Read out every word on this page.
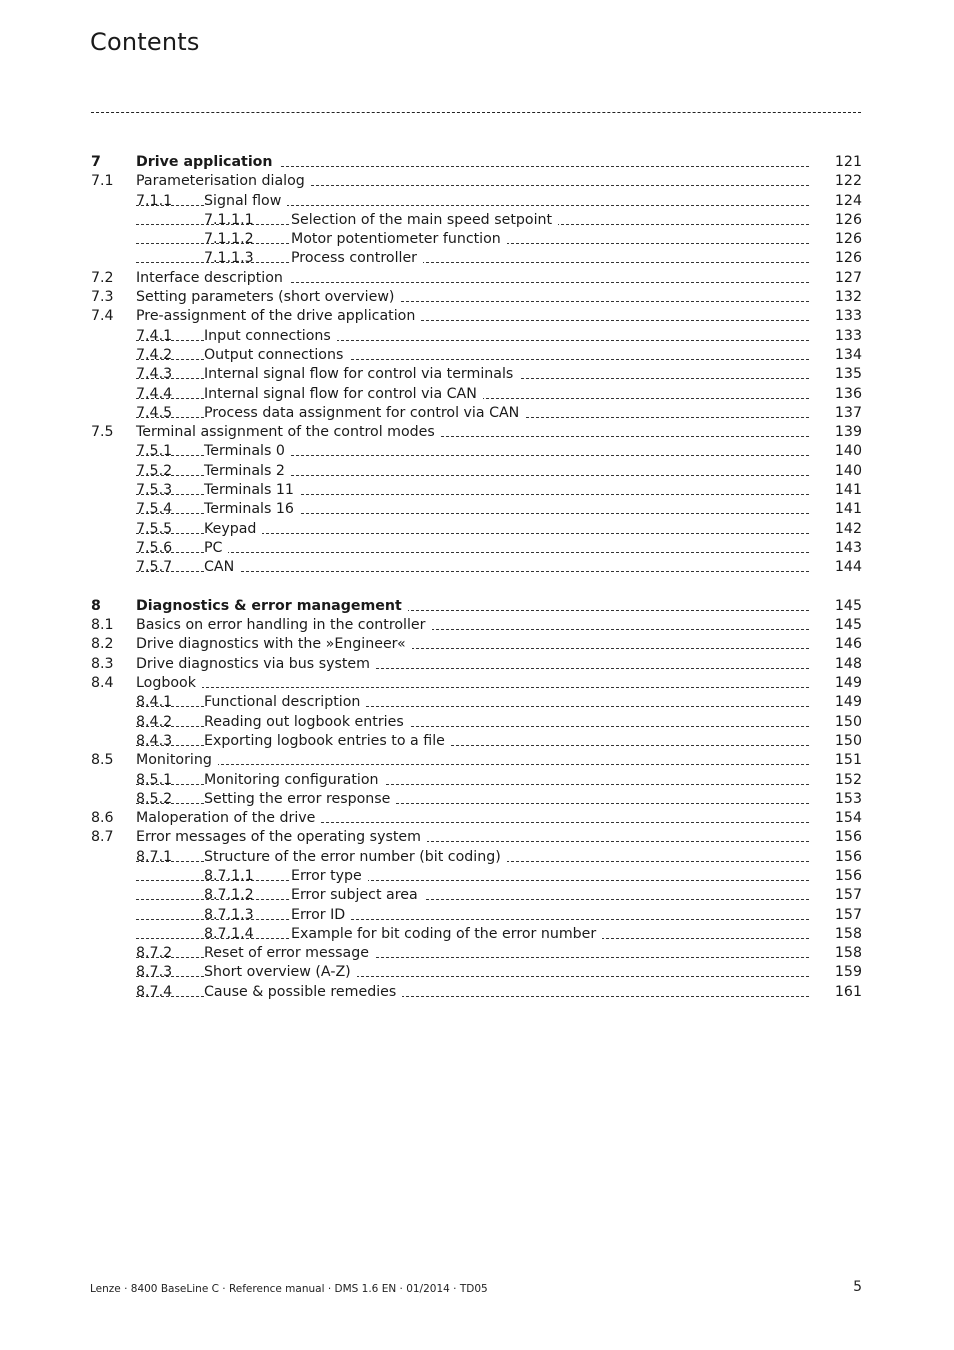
Contents
7 Drive application	121
7.1 Parameterisation dialog	122
7.1.1 Signal flow	124
7.1.1.1	Selection of the main speed setpoint	126
7.1.1.2	Motor potentiometer function	126
7.1.1.3	Process controller	126
7.2 Interface description	127
7.3 Setting parameters (short overview)	132
7.4 Pre-assignment of the drive application	133
7.4.1 Input connections	133
7.4.2 Output connections	134
7.4.3 Internal signal flow for control via terminals	135
7.4.4 Internal signal flow for control via CAN	136
7.4.5 Process data assignment for control via CAN	137
7.5 Terminal assignment of the control modes	139
7.5.1 Terminals 0	140
7.5.2 Terminals 2	140
7.5.3 Terminals 11	141
7.5.4 Terminals 16	141
7.5.5 Keypad	142
7.5.6 PC	143
7.5.7 CAN	144
8 Diagnostics & error management	145
8.1 Basics on error handling in the controller	145
8.2 Drive diagnostics with the »Engineer«	146
8.3 Drive diagnostics via bus system	148
8.4 Logbook	149
8.4.1 Functional description	149
8.4.2 Reading out logbook entries	150
8.4.3 Exporting logbook entries to a file	150
8.5 Monitoring	151
8.5.1 Monitoring configuration	152
8.5.2 Setting the error response	153
8.6 Maloperation of the drive	154
8.7 Error messages of the operating system	156
8.7.1 Structure of the error number (bit coding)	156
8.7.1.1	Error type	156
8.7.1.2	Error subject area	157
8.7.1.3	Error ID	157
8.7.1.4	Example for bit coding of the error number	158
8.7.2 Reset of error message	158
8.7.3 Short overview (A-Z)	159
8.7.4 Cause & possible remedies	161
Lenze · 8400 BaseLine C · Reference manual · DMS 1.6 EN · 01/2014 · TD05	5
